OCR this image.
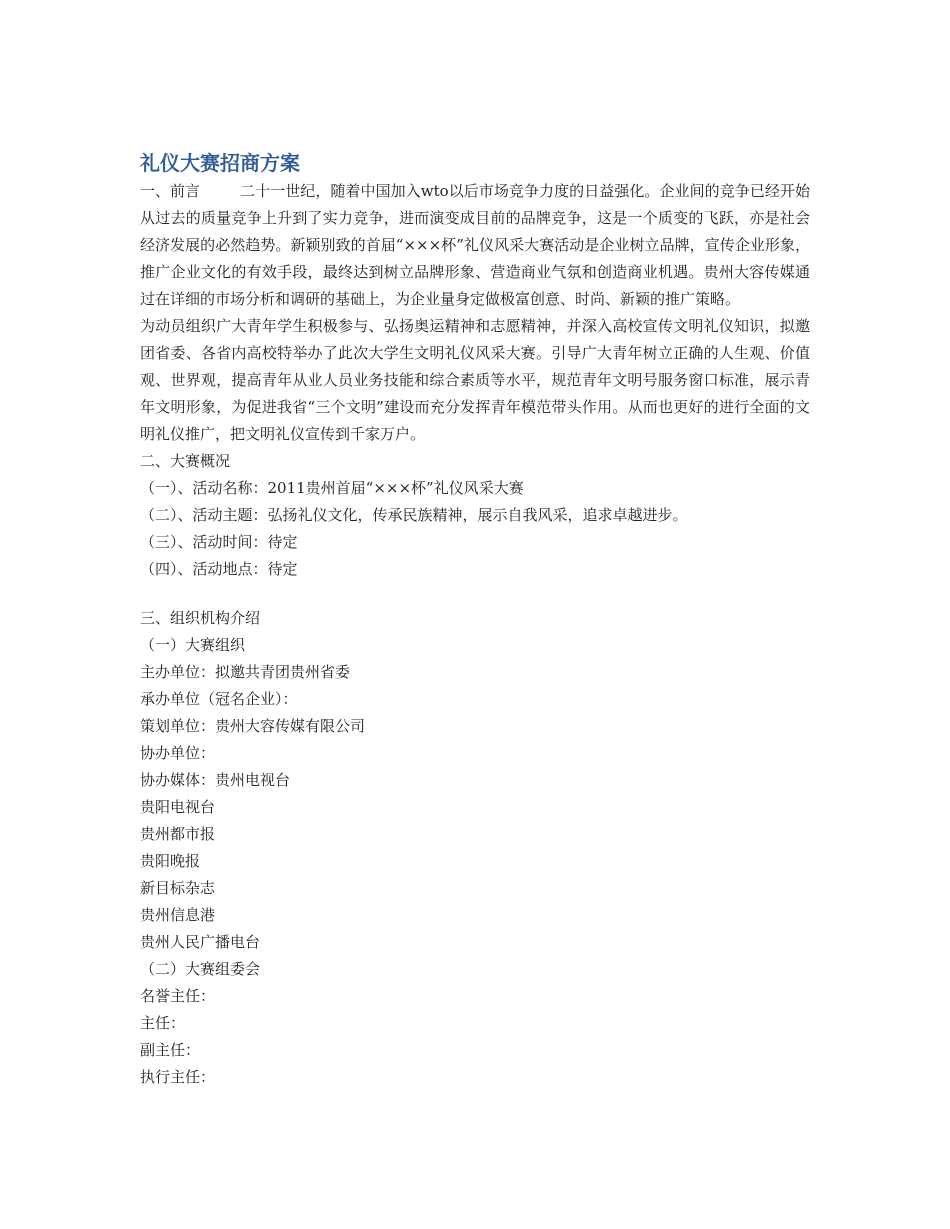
礼仪大赛招商方案

一、前言	二十一世纪，随着中国加入wto以后市场竞争力度的日益强化。企业间的竞争已经开始从过去的质量竞争上升到了实力竞争，进而演变成目前的品牌竞争，这是一个质变的飞跃，亦是社会经济发展的必然趋势。新颖别致的首届“×××杯”礼仪风采大赛活动是企业树立品牌，宣传企业形象，推广企业文化的有效手段，最终达到树立品牌形象、营造商业气氛和创造商业机遇。贵州大容传媒通过在详细的市场分析和调研的基础上，为企业量身定做极富创意、时尚、新颖的推广策略。

为动员组织广大青年学生积极参与、弘扬奥运精神和志愿精神，并深入高校宣传文明礼仪知识，拟邀团省委、各省内高校特举办了此次大学生文明礼仪风采大赛。引导广大青年树立正确的人生观、价值观、世界观，提高青年从业人员业务技能和综合素质等水平，规范青年文明号服务窗口标准，展示青年文明形象，为促进我省“三个文明”建设而充分发挥青年模范带头作用。从而也更好的进行全面的文明礼仪推广，把文明礼仪宣传到千家万户。

二、大赛概况

（一）、活动名称：2011贵州首届“×××杯”礼仪风采大赛

（二）、活动主题：弘扬礼仪文化，传承民族精神，展示自我风采，追求卓越进步。

（三）、活动时间：待定

（四）、活动地点：待定

三、组织机构介绍

（一）大赛组织

主办单位：拟邀共青团贵州省委

承办单位（冠名企业）：

策划单位：贵州大容传媒有限公司

协办单位：

协办媒体：贵州电视台

贵阳电视台

贵州都市报

贵阳晚报

新目标杂志

贵州信息港

贵州人民广播电台

（二）大赛组委会

名誉主任：

主任：

副主任：

执行主任：
